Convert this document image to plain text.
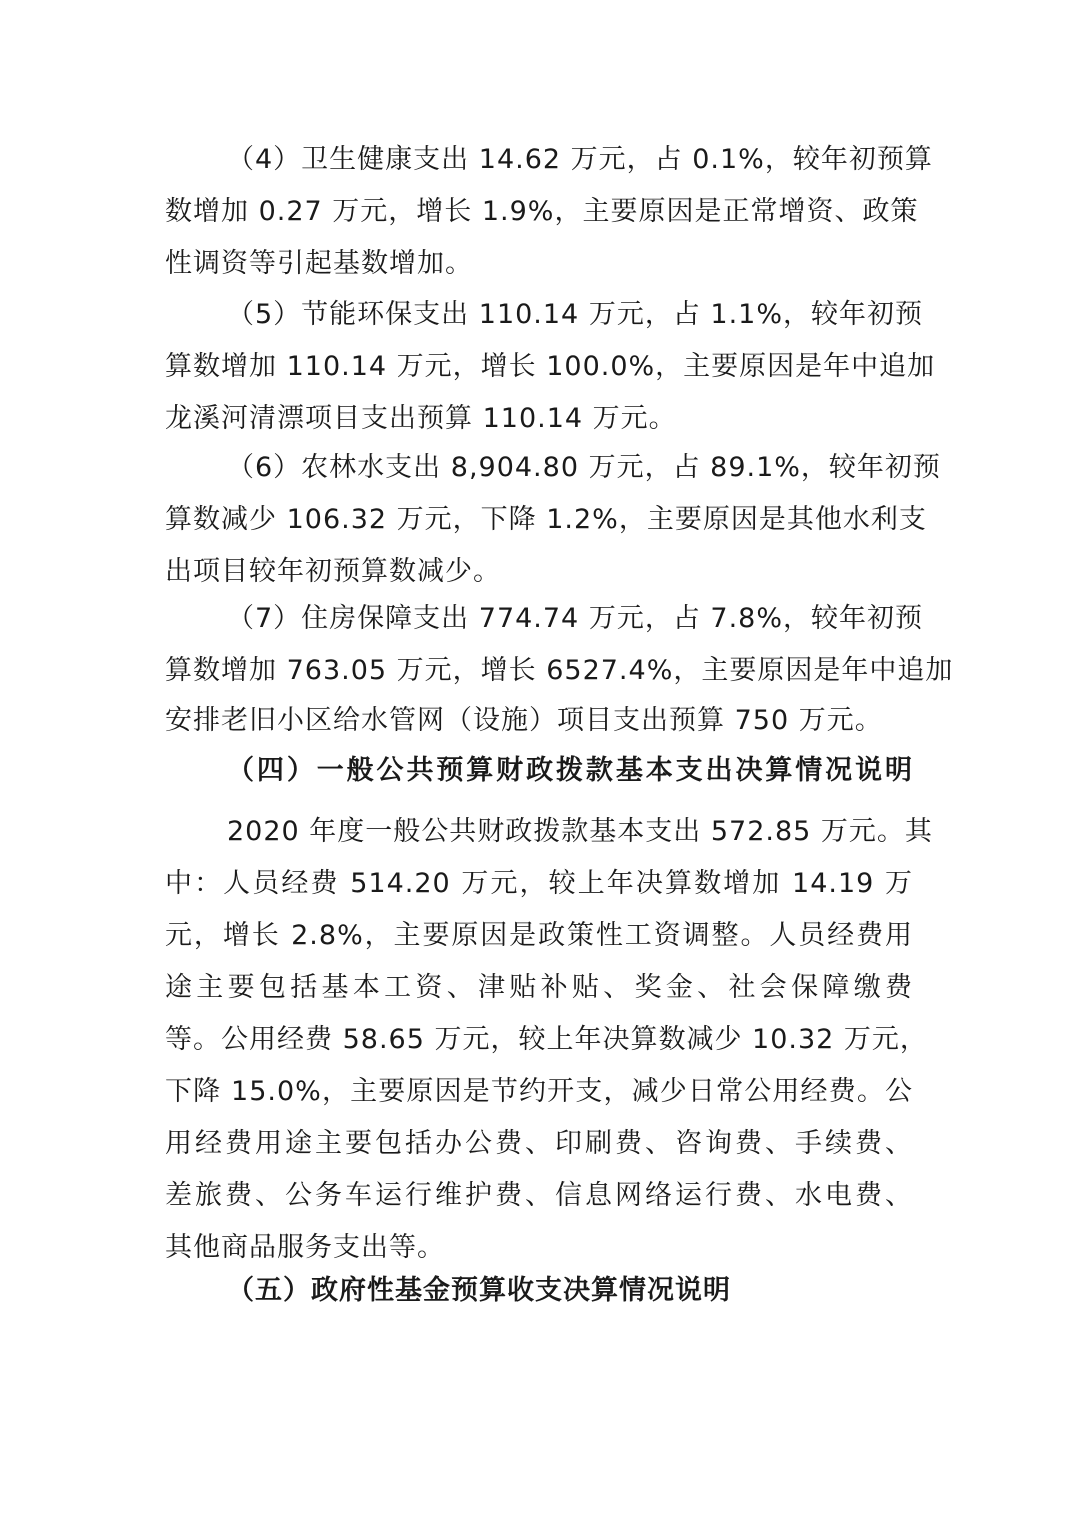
（4）卫生健康支出 14.62 万元，占 0.1%，较年初预算
数增加 0.27 万元，增长 1.9%，主要原因是正常增资、政策
性调资等引起基数增加。
（5）节能环保支出 110.14 万元，占 1.1%，较年初预
算数增加 110.14 万元，增长 100.0%，主要原因是年中追加
龙溪河清漂项目支出预算 110.14 万元。
（6）农林水支出 8,904.80 万元，占 89.1%，较年初预
算数减少 106.32 万元，下降 1.2%，主要原因是其他水利支
出项目较年初预算数减少。
（7）住房保障支出 774.74 万元，占 7.8%，较年初预
算数增加 763.05 万元，增长 6527.4%，主要原因是年中追加
安排老旧小区给水管网（设施）项目支出预算 750 万元。
（四）一般公共预算财政拨款基本支出决算情况说明
2020 年度一般公共财政拨款基本支出 572.85 万元。其
中：人员经费 514.20 万元，较上年决算数增加 14.19 万
元，增长 2.8%，主要原因是政策性工资调整。人员经费用
途主要包括基本工资、津贴补贴、奖金、社会保障缴费
等。公用经费 58.65 万元，较上年决算数减少 10.32 万元，
下降 15.0%，主要原因是节约开支，减少日常公用经费。公
用经费用途主要包括办公费、印刷费、咨询费、手续费、
差旅费、公务车运行维护费、信息网络运行费、水电费、
其他商品服务支出等。
（五）政府性基金预算收支决算情况说明
